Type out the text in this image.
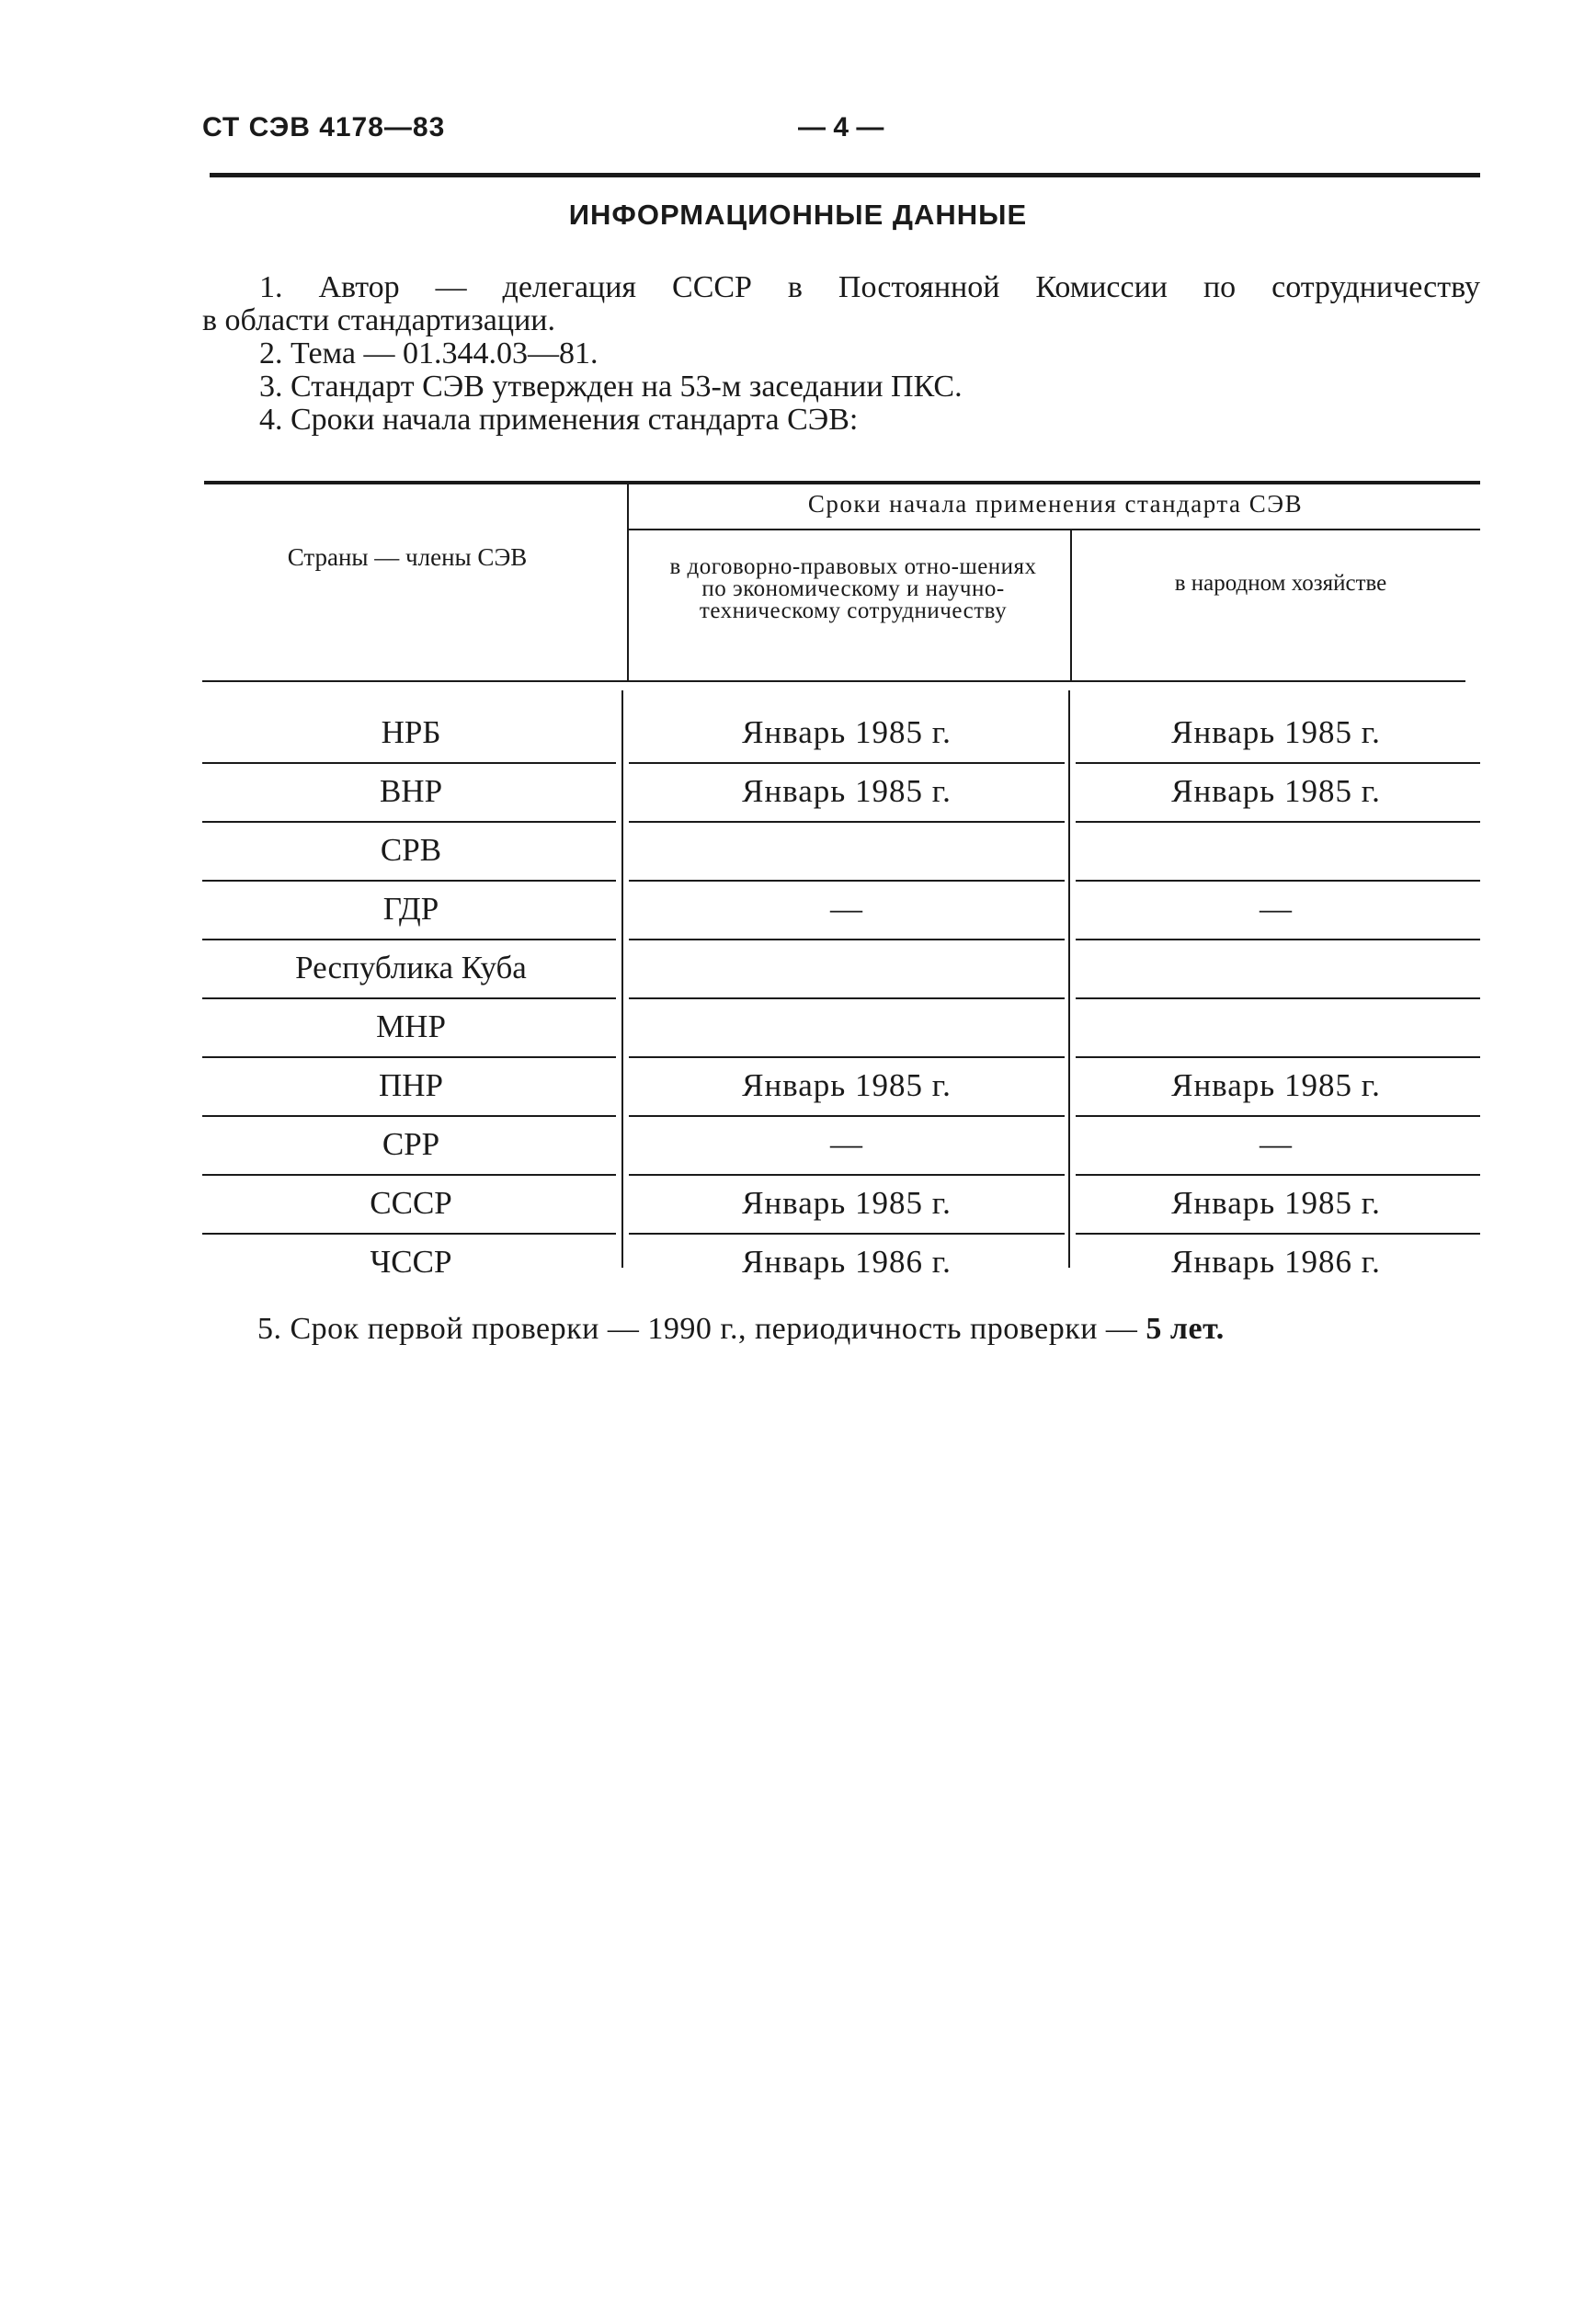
СТ СЭВ 4178—83	— 4 —
ИНФОРМАЦИОННЫЕ ДАННЫЕ
1. Автор — делегация СССР в Постоянной Комиссии по сотрудничеству
в области стандартизации.
2. Тема — 01.344.03—81.
3. Стандарт СЭВ утвержден на 53-м заседании ПКС.
4. Сроки начала применения стандарта СЭВ:
Страны — члены СЭВ
Сроки начала применения стандарта СЭВ
в договорно-правовых отно-шениях по экономическому и научно-техническому сотрудничеству
в народном хозяйстве
НРБ	Январь 1985 г.	Январь 1985 г.
ВНР	Январь 1985 г.	Январь 1985 г.
СРВ
ГДР	—	—
Республика Куба
МНР
ПНР	Январь 1985 г.	Январь 1985 г.
СРР	—	—
СССР	Январь 1985 г.	Январь 1985 г.
ЧССР	Январь 1986 г.	Январь 1986 г.
5. Срок первой проверки — 1990 г., периодичность проверки — 5 лет.
